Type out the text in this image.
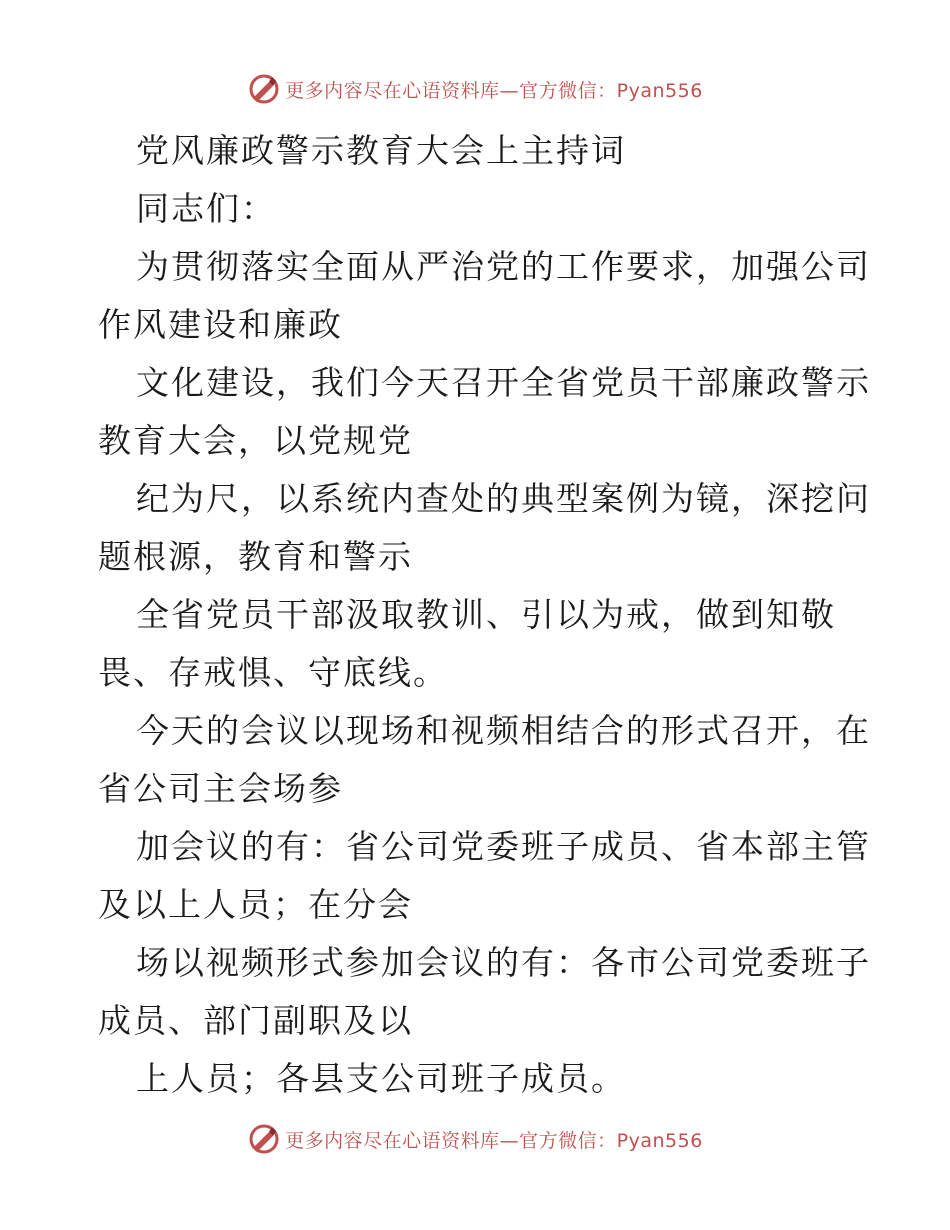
更多内容尽在心语资料库—官方微信：Pyan556
党风廉政警示教育大会上主持词
同志们：
为贯彻落实全面从严治党的工作要求，加强公司
作风建设和廉政
文化建设，我们今天召开全省党员干部廉政警示
教育大会，以党规党
纪为尺，以系统内查处的典型案例为镜，深挖问
题根源，教育和警示
全省党员干部汲取教训、引以为戒，做到知敬
畏、存戒惧、守底线。
今天的会议以现场和视频相结合的形式召开，在
省公司主会场参
加会议的有：省公司党委班子成员、省本部主管
及以上人员；在分会
场以视频形式参加会议的有：各市公司党委班子
成员、部门副职及以
上人员；各县支公司班子成员。
更多内容尽在心语资料库—官方微信：Pyan556
